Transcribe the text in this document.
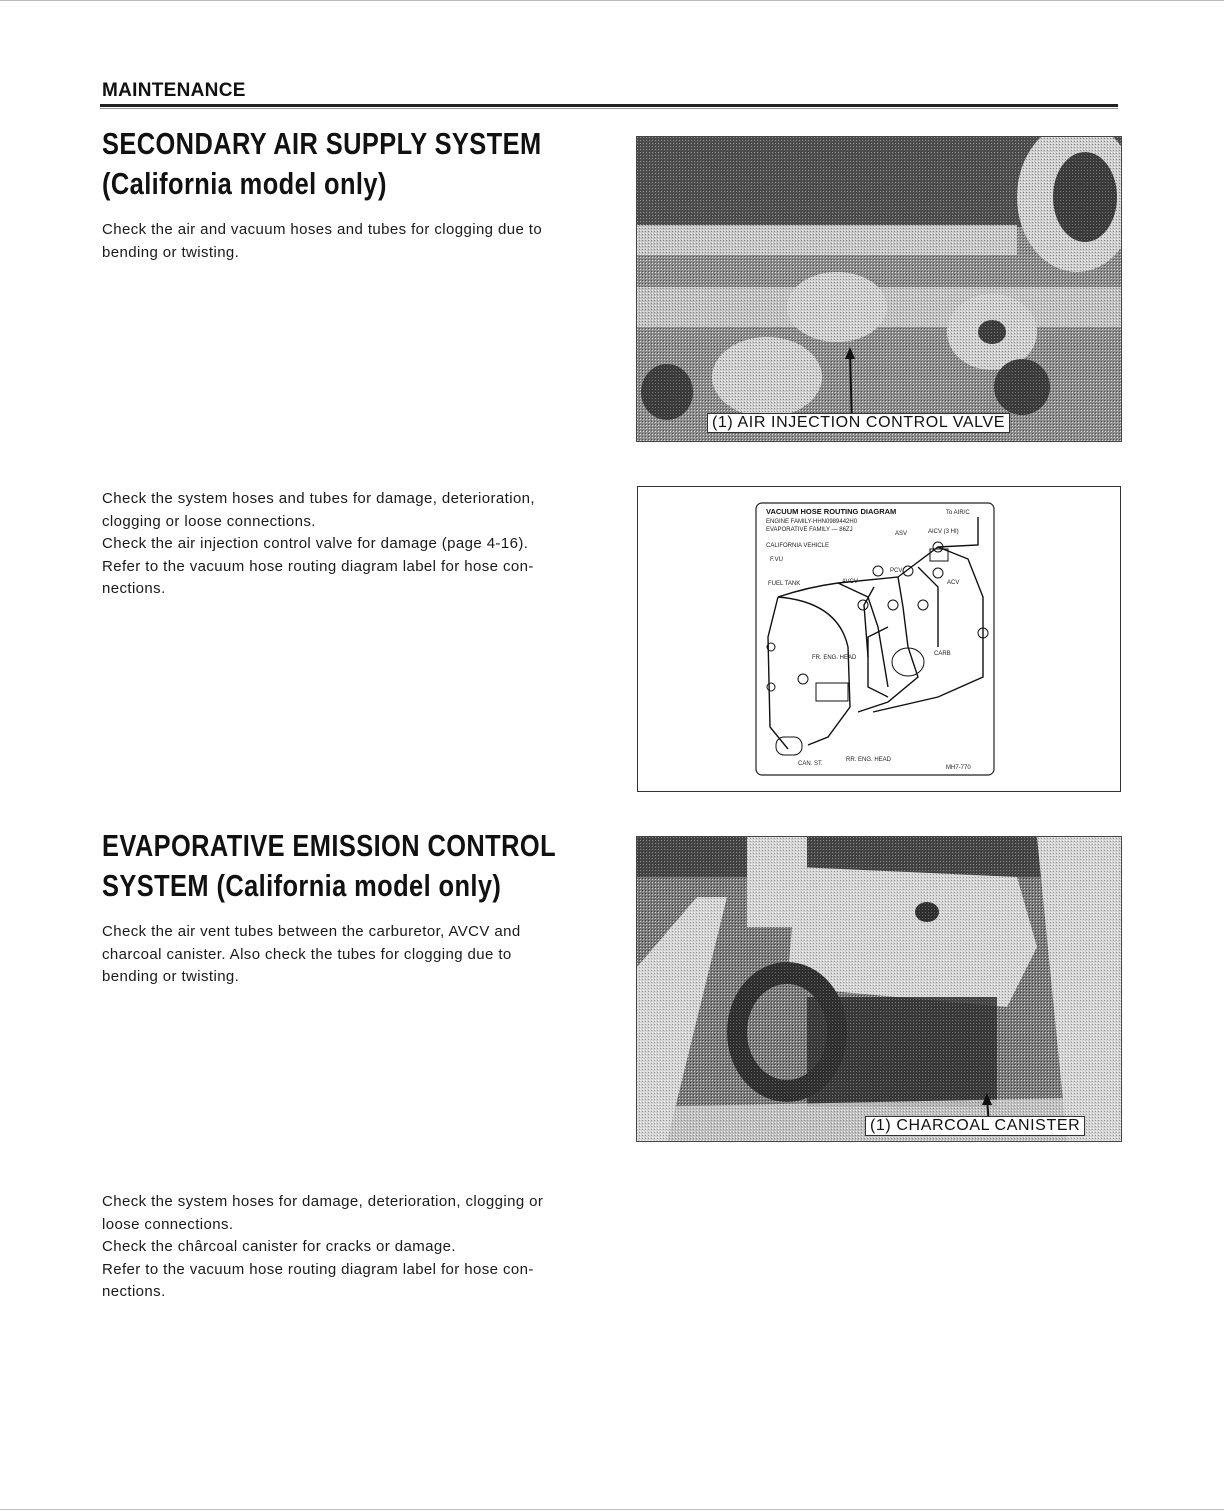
MAINTENANCE

SECONDARY AIR SUPPLY SYSTEM

(California model only)

Check the air and vacuum hoses and tubes for clogging due to

bending or twisting.

(1) AIR INJECTION CONTROL VALVE

Check the system hoses and tubes for damage, deterioration,

clogging or loose connections.

Check the air injection control valve for damage (page 4-16).

Refer to the vacuum hose routing diagram label for hose con-

nections.

VACUUM HOSE ROUTING DIAGRAM	To AIR/C
ENGINE FAMILY-HHN0989442H0
EVAPORATIVE FAMILY — 86ZJ
CALIFORNIA VEHICLE
ASV	AICV (3 HI)
F.VU
FUEL TANK
PCV
AVCV	ACV
FR. ENG. HEAD
CARB
CAN. ST.
RR. ENG. HEAD
MH7-770

EVAPORATIVE EMISSION CONTROL

SYSTEM (California model only)

Check the air vent tubes between the carburetor, AVCV and

charcoal canister. Also check the tubes for clogging due to

bending or twisting.

(1) CHARCOAL CANISTER

Check the system hoses for damage, deterioration, clogging or

loose connections.

Check the chârcoal canister for cracks or damage.

Refer to the vacuum hose routing diagram label for hose con-

nections.
